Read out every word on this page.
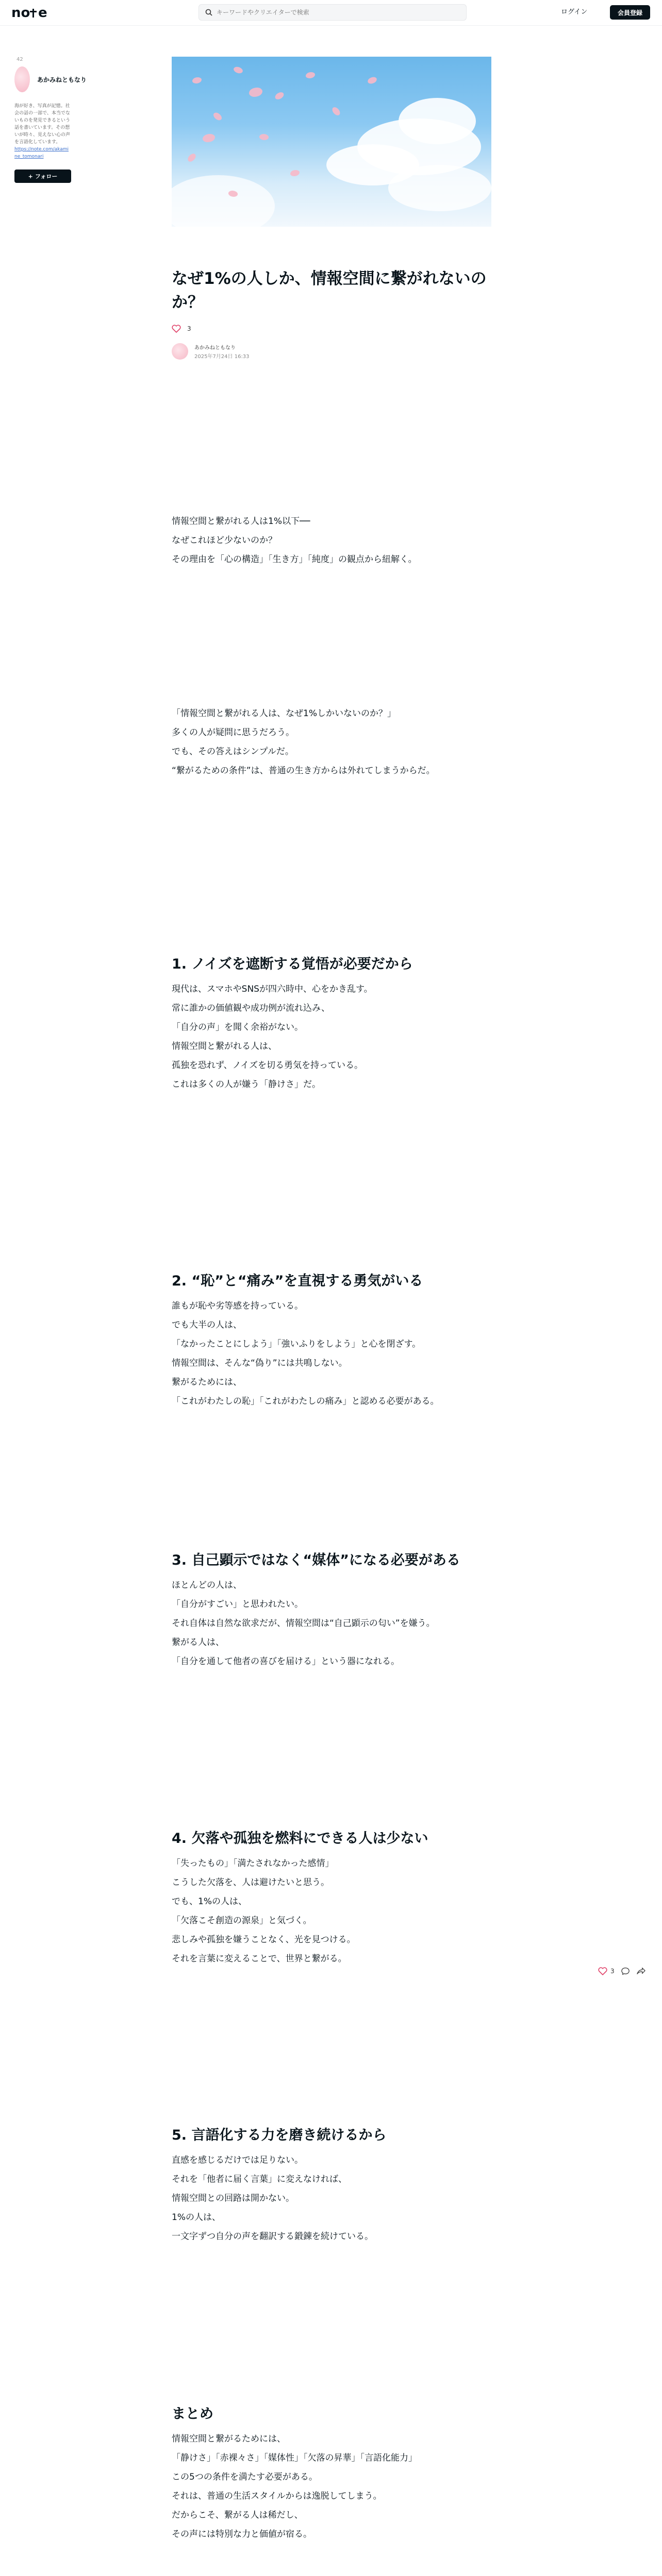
no e
キーワードやクリエイターで検索	ログイン	会員登録
42
あかみねともなり
海が好き、写真が記憶。社会の話の一部で、本当でないものを発見できるという話を書いています。その想いが時々、見えない心の声を言語化しています。
https://note.com/akamine_tomonari
+ フォロー
なぜ1%の人しか、情報空間に繋がれないのか？
3
あかみねともなり
2025年7月24日 16:33
情報空間と繋がれる人は1%以下──
なぜこれほど少ないのか？
その理由を「心の構造」「生き方」「純度」の観点から紐解く。
「情報空間と繋がれる人は、なぜ1%しかいないのか？」
多くの人が疑問に思うだろう。
でも、その答えはシンプルだ。
“繋がるための条件”は、普通の生き方からは外れてしまうからだ。
1. ノイズを遮断する覚悟が必要だから
現代は、スマホやSNSが四六時中、心をかき乱す。
常に誰かの価値観や成功例が流れ込み、
「自分の声」を聞く余裕がない。
情報空間と繋がれる人は、
孤独を恐れず、ノイズを切る勇気を持っている。
これは多くの人が嫌う「静けさ」だ。
2. “恥”と“痛み”を直視する勇気がいる
誰もが恥や劣等感を持っている。
でも大半の人は、
「なかったことにしよう」「強いふりをしよう」と心を閉ざす。
情報空間は、そんな“偽り”には共鳴しない。
繋がるためには、
「これがわたしの恥」「これがわたしの痛み」と認める必要がある。
3. 自己顕示ではなく“媒体”になる必要がある
ほとんどの人は、
「自分がすごい」と思われたい。
それ自体は自然な欲求だが、情報空間は“自己顕示の匂い”を嫌う。
繋がる人は、
「自分を通して他者の喜びを届ける」という器になれる。
4. 欠落や孤独を燃料にできる人は少ない
「失ったもの」「満たされなかった感情」
こうした欠落を、人は避けたいと思う。
でも、1%の人は、
「欠落こそ創造の源泉」と気づく。
悲しみや孤独を嫌うことなく、光を見つける。
それを言葉に変えることで、世界と繋がる。
5. 言語化する力を磨き続けるから
直感を感じるだけでは足りない。
それを「他者に届く言葉」に変えなければ、
情報空間との回路は開かない。
1%の人は、
一文字ずつ自分の声を翻訳する鍛錬を続けている。
まとめ
情報空間と繋がるためには、
「静けさ」「赤裸々さ」「媒体性」「欠落の昇華」「言語化能力」
この5つの条件を満たす必要がある。
それは、普通の生活スタイルからは逸脱してしまう。
だからこそ、繋がる人は稀だし、
その声には特別な力と価値が宿る。
3
